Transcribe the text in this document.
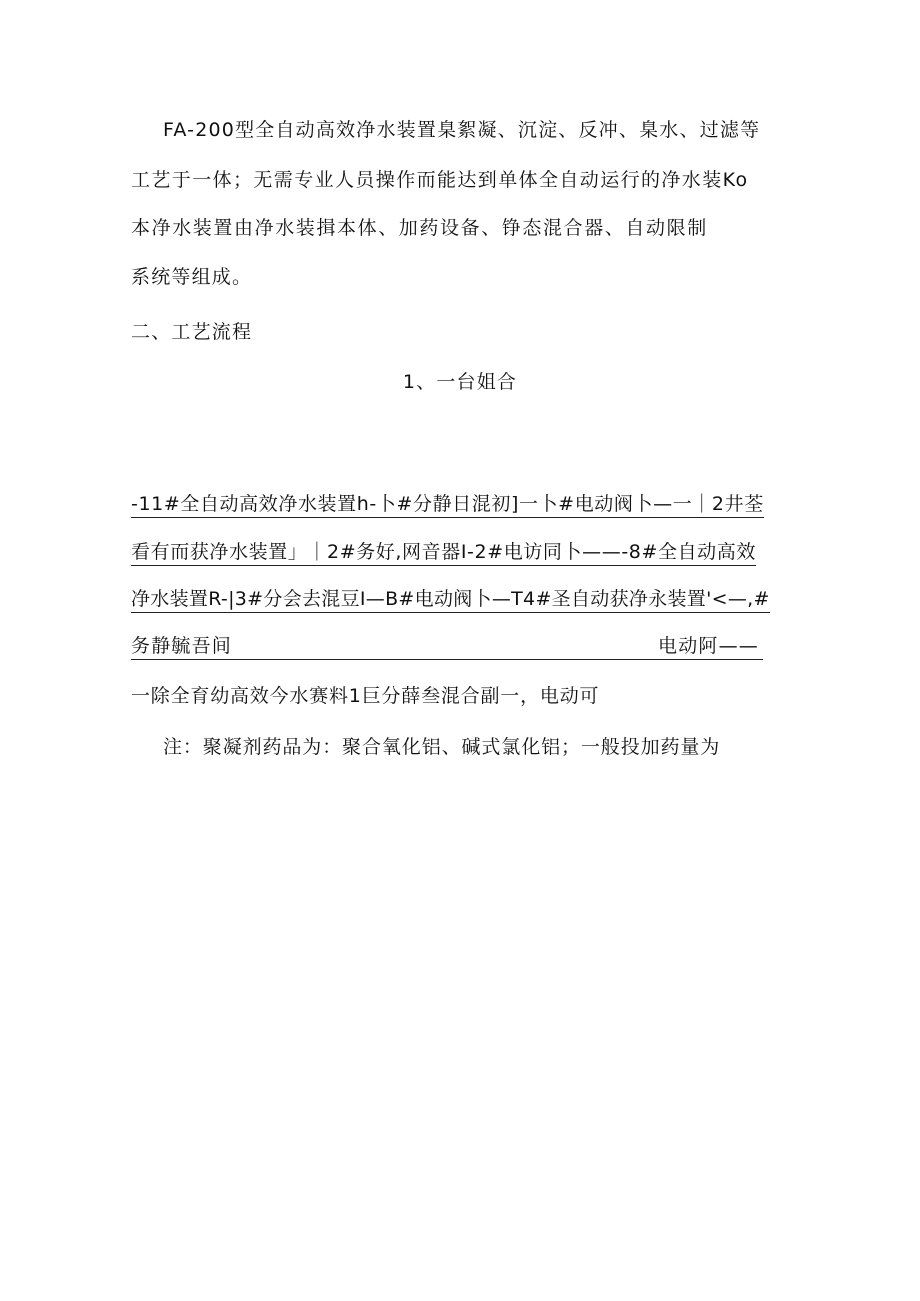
FA-200型全自动高效净水装置臬絮凝、沉淀、反冲、臬水、过滤等
工艺于一体；无需专业人员操作而能达到单体全自动运行的净水装Ko
本净水装置由净水装揖本体、加药设备、铮态混合器、自动限制
系统等组成。
二、工艺流程
1、一台姐合
-11#全自动高效净水装置h-卜#分静日混初]一卜#电动阀卜—一｜2井荃
看有而获净水装置」｜2#务好,网音器I-2#电访同卜——-8#全自动高效
净水装置R-|3#分会去混豆I—B#电动阀卜—T4#圣自动获净永装置'<—,#
务静毓吾间	电动阿——
一除全育幼高效今水赛料1巨分薛叁混合副一，电动可
注：聚凝剂药品为：聚合氧化铝、碱式氯化铝；一般投加药量为
